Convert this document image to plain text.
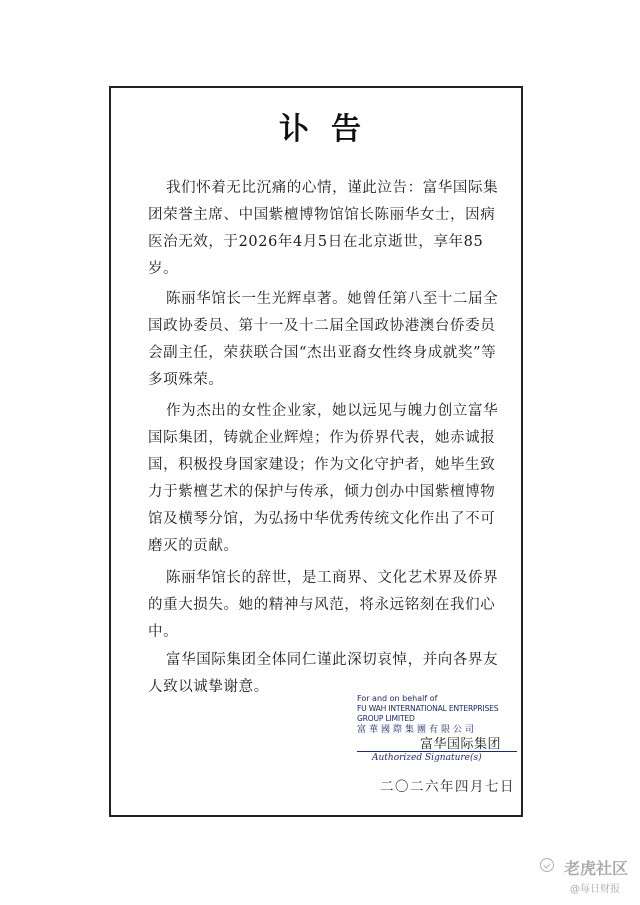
讣告
我们怀着无比沉痛的心情，谨此泣告：富华国际集团荣誉主席、中国紫檀博物馆馆长陈丽华女士，因病医治无效，于2026年4月5日在北京逝世，享年85岁。
陈丽华馆长一生光辉卓著。她曾任第八至十二届全国政协委员、第十一及十二届全国政协港澳台侨委员会副主任，荣获联合国“杰出亚裔女性终身成就奖”等多项殊荣。
作为杰出的女性企业家，她以远见与魄力创立富华国际集团，铸就企业辉煌；作为侨界代表，她赤诚报国，积极投身国家建设；作为文化守护者，她毕生致力于紫檀艺术的保护与传承，倾力创办中国紫檀博物馆及横琴分馆，为弘扬中华优秀传统文化作出了不可磨灭的贡献。
陈丽华馆长的辞世，是工商界、文化艺术界及侨界的重大损失。她的精神与风范，将永远铭刻在我们心中。
富华国际集团全体同仁谨此深切哀悼，并向各界友人致以诚挚谢意。
For and on behalf of
FU WAH INTERNATIONAL ENTERPRISES GROUP LIMITED
富華國際集團有限公司
富华国际集团
Authorized Signature(s)
二〇二六年四月七日
老虎社区
@每日财报
